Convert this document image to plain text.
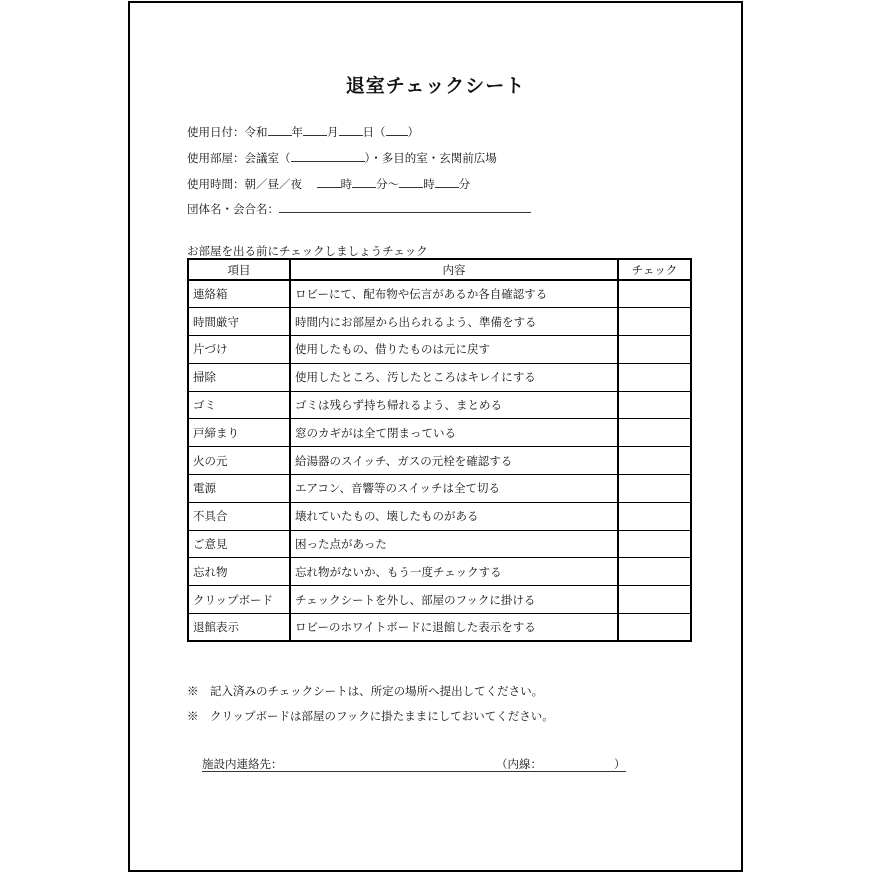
退室チェックシート
使用日付：令和 年 月 日（ ）
使用部屋：会議室（	）・多目的室・玄関前広場
使用時間：朝／昼／夜	時 分～ 時 分
団体名・会合名：
お部屋を出る前にチェックしましょうチェック
項目	内容	チェック
連絡箱	ロビーにて、配布物や伝言があるか各自確認する	
時間厳守	時間内にお部屋から出られるよう、準備をする	
片づけ	使用したもの、借りたものは元に戻す	
掃除	使用したところ、汚したところはキレイにする	
ゴミ	ゴミは残らず持ち帰れるよう、まとめる	
戸締まり	窓のカギがは全て閉まっている	
火の元	給湯器のスイッチ、ガスの元栓を確認する	
電源	エアコン、音響等のスイッチは全て切る	
不具合	壊れていたもの、壊したものがある	
ご意見	困った点があった	
忘れ物	忘れ物がないか、もう一度チェックする	
クリップボード	チェックシートを外し、部屋のフックに掛ける	
退館表示	ロビーのホワイトボードに退館した表示をする	
※　記入済みのチェックシートは、所定の場所へ提出してください。
※　クリップボードは部屋のフックに掛たままにしておいてください。
施設内連絡先：	（内線：	）
